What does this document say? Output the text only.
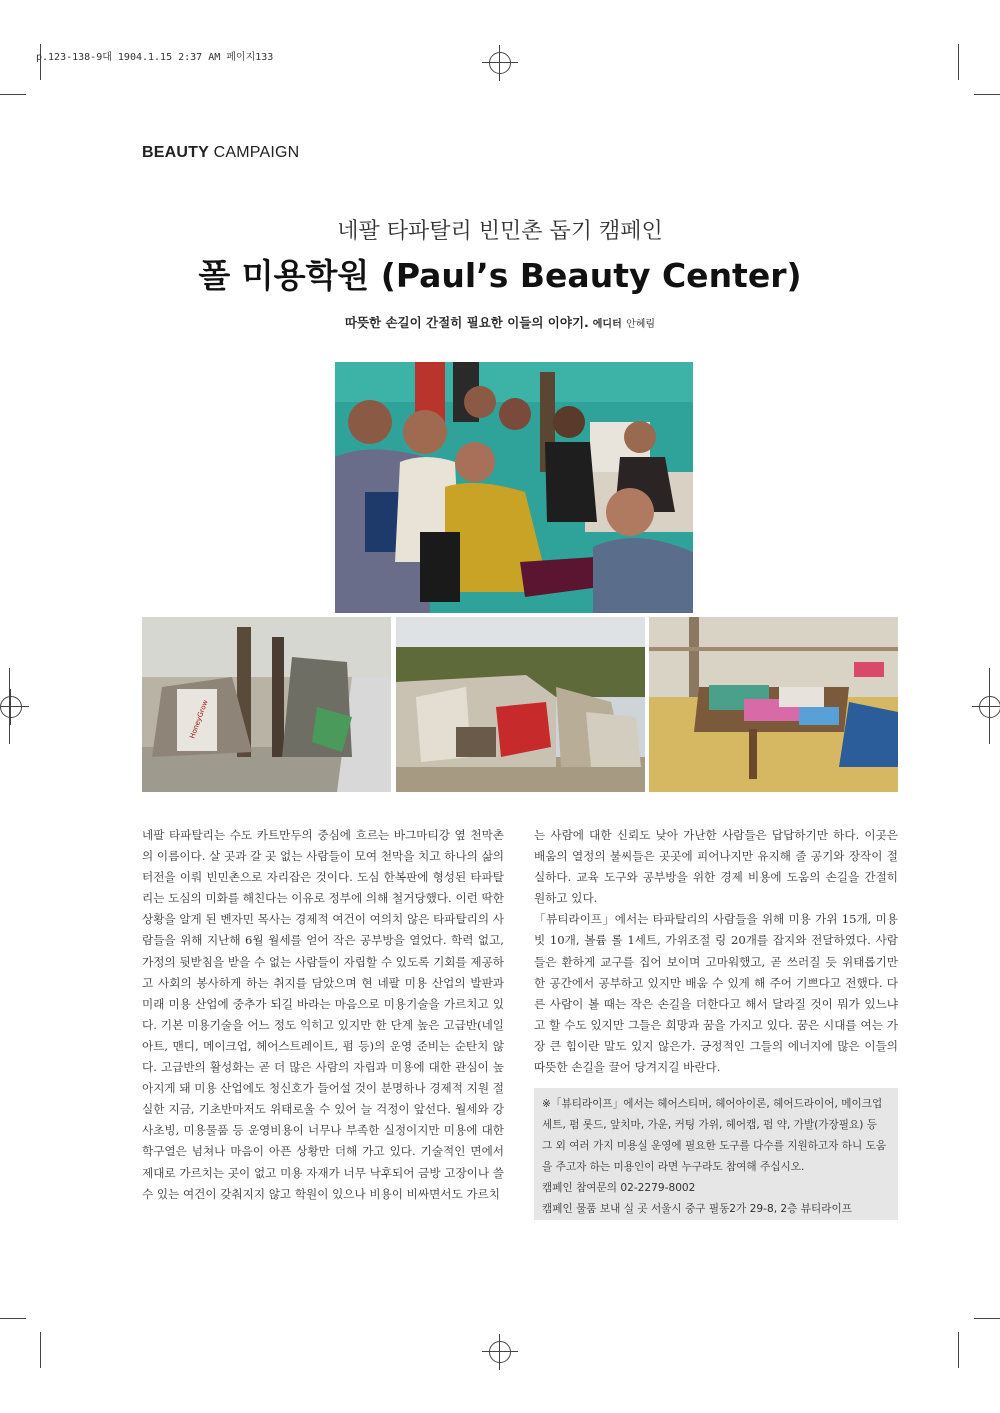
p.123-138-9대 1904.1.15 2:37 AM 페이지133
BEAUTY CAMPAIGN
네팔 타파탈리 빈민촌 돕기 캠페인
폴 미용학원 (Paul’s Beauty Center)
따뜻한 손길이 간절히 필요한 이들의 이야기. 에디터 안혜림
HoneyGrow

네팔 타파탈리는 수도 카트만두의 중심에 흐르는 바그마티강 옆 천막촌의 이름이다. 살 곳과 갈 곳 없는 사람들이 모여 천막을 치고 하나의 삶의 터전을 이뤄 빈민촌으로 자리잡은 것이다. 도심 한복판에 형성된 타파탈리는 도심의 미화를 해친다는 이유로 정부에 의해 철거당했다. 이런 딱한 상황을 알게 된 벤자민 목사는 경제적 여건이 여의치 않은 타파탈리의 사람들을 위해 지난해 6월 월세를 얻어 작은 공부방을 열었다. 학력 없고, 가정의 뒷받침을 받을 수 없는 사람들이 자립할 수 있도록 기회를 제공하고 사회의 봉사하게 하는 취지를 담았으며 현 네팔 미용 산업의 발판과 미래 미용 산업에 중추가 되길 바라는 마음으로 미용기술을 가르치고 있다. 기본 미용기술을 어느 정도 익히고 있지만 한 단계 높은 고급반(네일아트, 맨디, 메이크업, 헤어스트레이트, 펌 등)의 운영 준비는 순탄치 않다. 고급반의 활성화는 곧 더 많은 사람의 자립과 미용에 대한 관심이 높아지게 돼 미용 산업에도 청신호가 들어설 것이 분명하나 경제적 지원 절실한 지금, 기초반마저도 위태로울 수 있어 늘 걱정이 앞선다. 월세와 강사초빙, 미용물품 등 운영비용이 너무나 부족한 실정이지만 미용에 대한 학구열은 넘쳐나 마음이 아픈 상황만 더해 가고 있다. 기술적인 면에서 제대로 가르치는 곳이 없고 미용 자재가 너무 낙후되어 금방 고장이나 쓸 수 있는 여건이 갖춰지지 않고 학원이 있으나 비용이 비싸면서도 가르치

는 사람에 대한 신뢰도 낮아 가난한 사람들은 답답하기만 하다. 이곳은 배움의 열정의 불씨들은 곳곳에 피어나지만 유지해 줄 공기와 장작이 절실하다. 교육 도구와 공부방을 위한 경제 비용에 도움의 손길을 간절히 원하고 있다.

「뷰티라이프」에서는 타파탈리의 사람들을 위해 미용 가위 15개, 미용빗 10개, 볼륨 롤 1세트, 가위조절 링 20개를 잡지와 전달하였다. 사람들은 환하게 교구를 집어 보이며 고마워했고, 곧 쓰러질 듯 위태롭기만 한 공간에서 공부하고 있지만 배움 수 있게 해 주어 기쁘다고 전했다. 다른 사람이 볼 때는 작은 손길을 더한다고 해서 달라질 것이 뭐가 있느냐고 할 수도 있지만 그들은 희망과 꿈을 가지고 있다. 꿈은 시대를 여는 가장 큰 힘이란 말도 있지 않은가. 긍정적인 그들의 에너지에 많은 이들의 따뜻한 손길을 끌어 당겨지길 바란다.

※「뷰티라이프」에서는 헤어스티머, 헤어아이론, 헤어드라이어, 메이크업세트, 펌 롯드, 앞치마, 가운, 커팅 가위, 헤어캡, 펌 약, 가발(가장필요) 등 그 외 여러 가지 미용실 운영에 필요한 도구를 다수를 지원하고자 하니 도움을 주고자 하는 미용인이 라면 누구라도 참여해 주십시오.
캠페인 참여문의 02-2279-8002
캠페인 물품 보내 실 곳 서울시 중구 필동2가 29-8, 2층 뷰티라이프
